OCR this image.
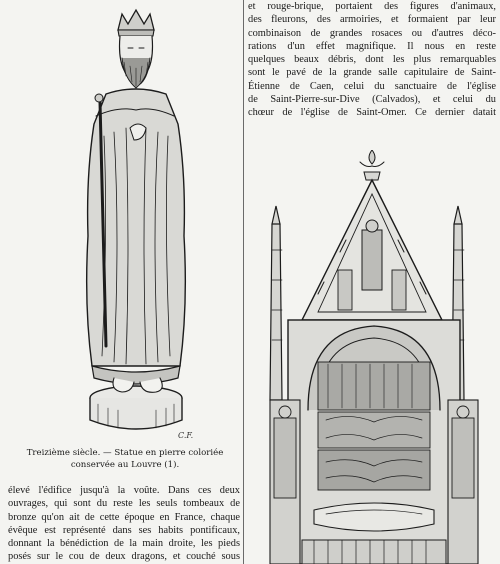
C.F.
Treizième siècle. — Statue en pierre coloriée
conservée au Louvre (1).
et rouge-brique, portaient des figures d'animaux,
des fleurons, des armoiries, et formaient par leur
combinaison de grandes rosaces ou d'autres déco-
rations d'un effet magnifique. Il nous en reste
quelques beaux débris, dont les plus remarquables
sont le pavé de la grande salle capitulaire de Saint-
Étienne de Caen, celui du sanctuaire de l'église
de Saint-Pierre-sur-Dive (Calvados), et celui du
chœur de l'église de Saint-Omer. Ce dernier datait
élevé l'édifice jusqu'à la voûte. Dans ces deux
ouvrages, qui sont du reste les seuls tombeaux de
bronze qu'on ait de cette époque en France, chaque
évêque est représenté dans ses habits pontificaux,
donnant la bénédiction de la main droite, les pieds
posés sur le cou de deux dragons, et couché sous
